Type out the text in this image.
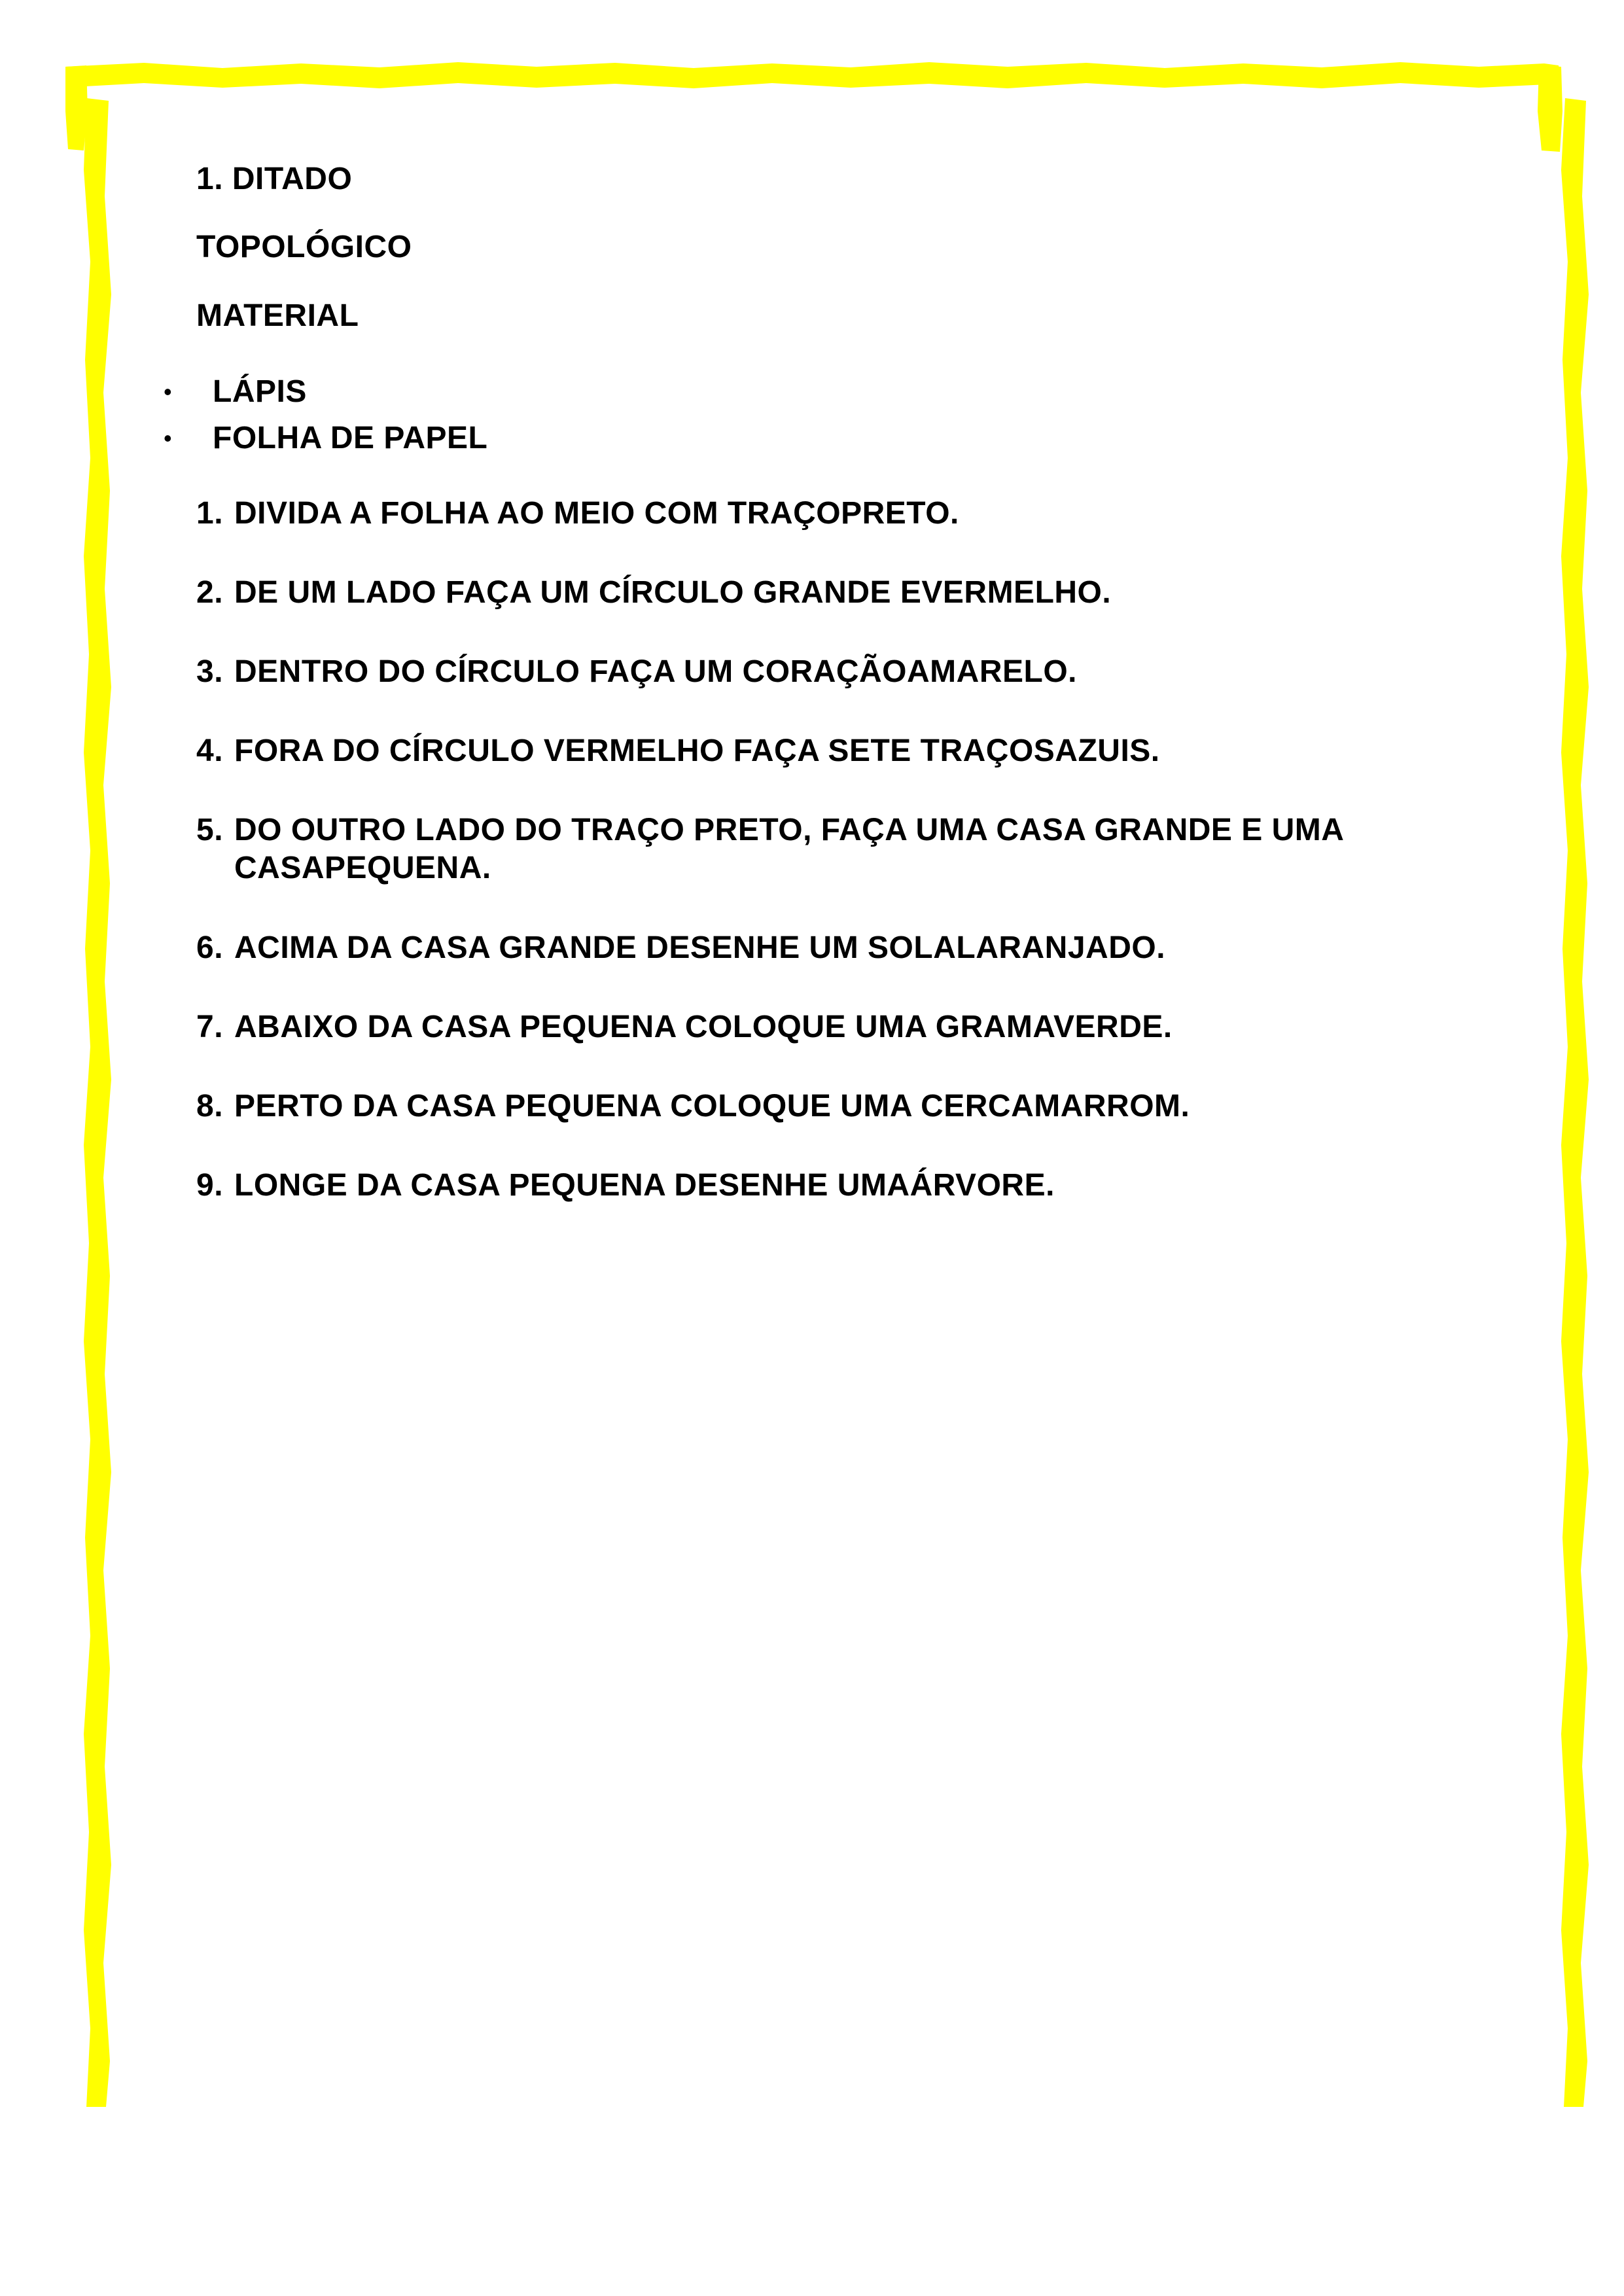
1. DITADO
TOPOLÓGICO
MATERIAL
• LÁPIS
• FOLHA DE PAPEL
1. DIVIDA A FOLHA AO MEIO COM TRAÇOPRETO.
2. DE UM LADO FAÇA UM CÍRCULO GRANDE EVERMELHO.
3. DENTRO DO CÍRCULO FAÇA UM CORAÇÃOAMARELO.
4. FORA DO CÍRCULO VERMELHO FAÇA SETE TRAÇOSAZUIS.
5. DO OUTRO LADO DO TRAÇO PRETO, FAÇA UMA CASA GRANDE E UMA CASAPEQUENA.
6. ACIMA DA CASA GRANDE DESENHE UM SOLALARANJADO.
7. ABAIXO DA CASA PEQUENA COLOQUE UMA GRAMAVERDE.
8. PERTO DA CASA PEQUENA COLOQUE UMA CERCAMARROM.
9. LONGE DA CASA PEQUENA DESENHE UMAÁRVORE.
